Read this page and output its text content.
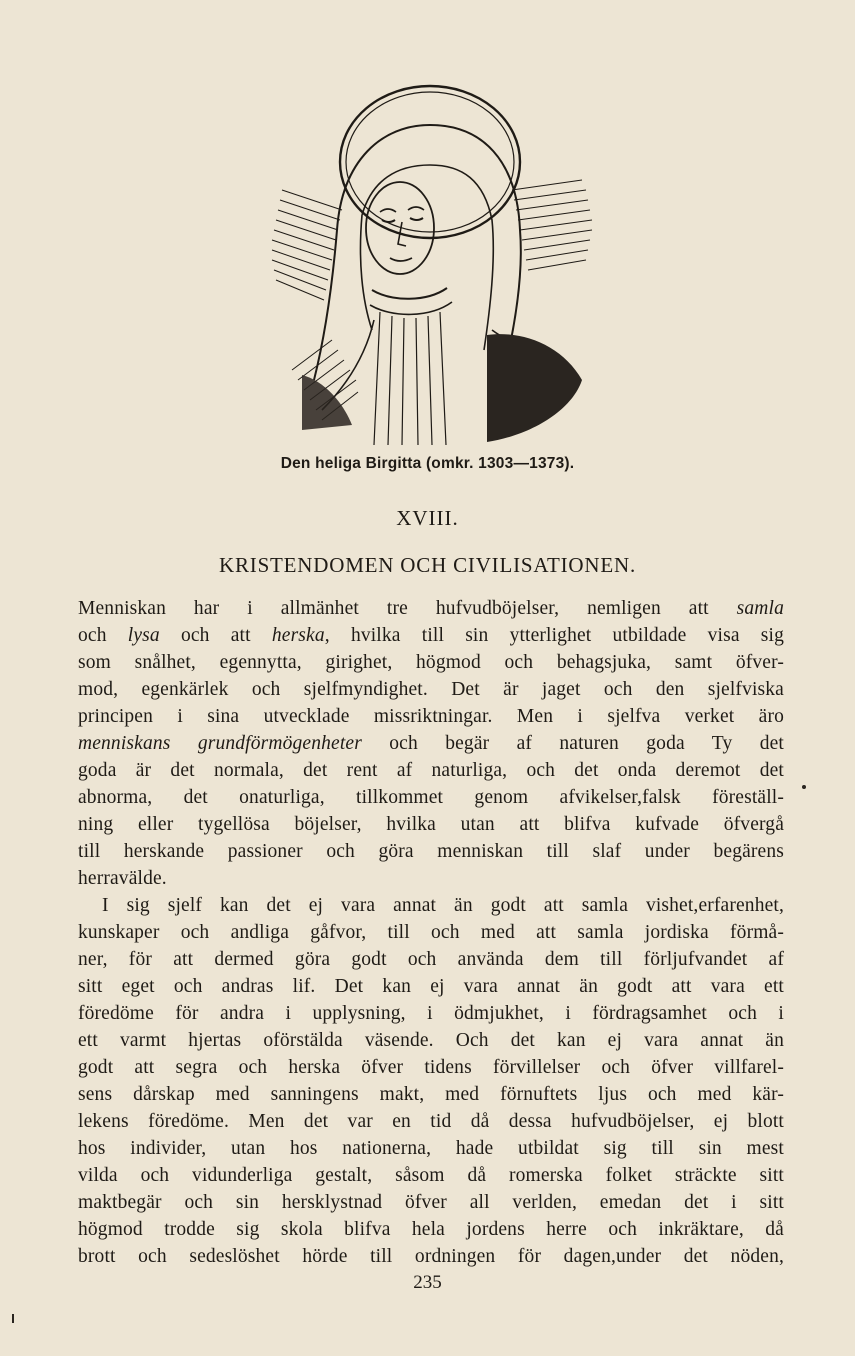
Den heliga Birgitta (omkr. 1303—1373).
XVIII.
KRISTENDOMEN OCH CIVILISATIONEN.
Menniskan har i allmänhet tre hufvudböjelser, nemligen att samla
och lysa och att herska, hvilka till sin ytterlighet utbildade visa sig
som snålhet, egennytta, girighet, högmod och behagsjuka, samt öfver-
mod, egenkärlek och sjelfmyndighet. Det är jaget och den sjelfviska
principen i sina utvecklade missriktningar. Men i sjelfva verket äro
menniskans grundförmögenheter och begär af naturen goda Ty det
goda är det normala, det rent af naturliga, och det onda deremot det
abnorma, det onaturliga, tillkommet genom afvikelser,falsk föreställ-
ning eller tygellösa böjelser, hvilka utan att blifva kufvade öfvergå
till herskande passioner och göra menniskan till slaf under begärens
herravälde.
I sig sjelf kan det ej vara annat än godt att samla vishet,erfarenhet,
kunskaper och andliga gåfvor, till och med att samla jordiska förmå-
ner, för att dermed göra godt och använda dem till förljufvandet af
sitt eget och andras lif. Det kan ej vara annat än godt att vara ett
föredöme för andra i upplysning, i ödmjukhet, i fördragsamhet och i
ett varmt hjertas oförstälda väsende. Och det kan ej vara annat än
godt att segra och herska öfver tidens förvillelser och öfver villfarel-
sens dårskap med sanningens makt, med förnuftets ljus och med kär-
lekens föredöme. Men det var en tid då dessa hufvudböjelser, ej blott
hos individer, utan hos nationerna, hade utbildat sig till sin mest
vilda och vidunderliga gestalt, såsom då romerska folket sträckte sitt
maktbegär och sin hersklystnad öfver all verlden, emedan det i sitt
högmod trodde sig skola blifva hela jordens herre och inkräktare, då
brott och sedeslöshet hörde till ordningen för dagen,under det nöden,
235
